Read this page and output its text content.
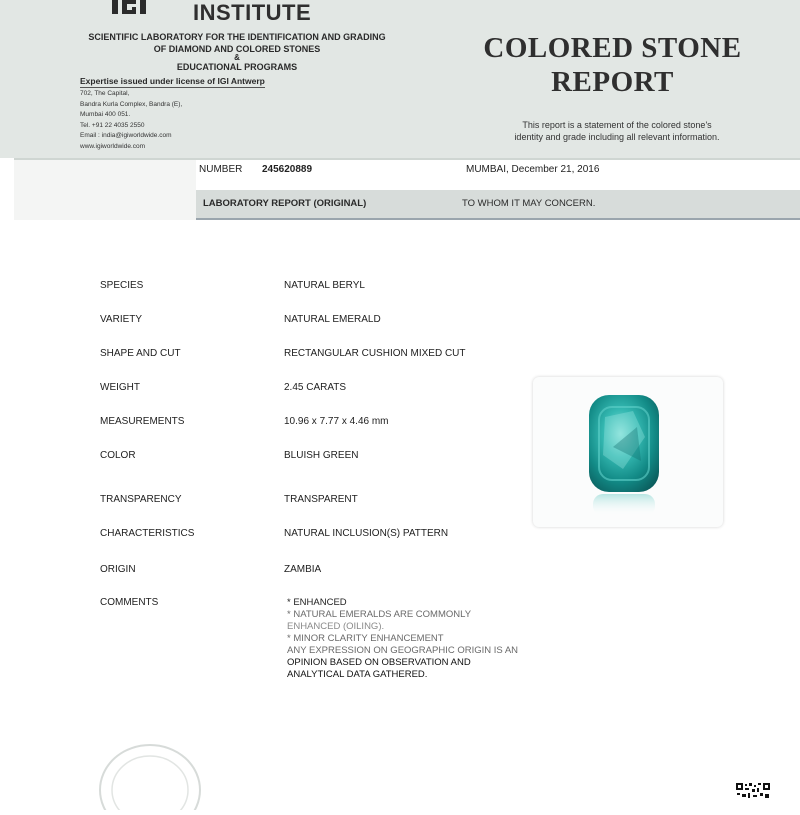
INSTITUTE
SCIENTIFIC LABORATORY FOR THE IDENTIFICATION AND GRADING
OF DIAMOND AND COLORED STONES
&
EDUCATIONAL PROGRAMS
Expertise issued under license of IGI Antwerp
702, The Capital,
Bandra Kurla Complex, Bandra (E),
Mumbai 400 051.
Tel. +91 22 4035 2550
Email : india@igiworldwide.com
www.igiworldwide.com
COLORED STONE
REPORT
This report is a statement of the colored stone's
identity and grade including all relevant information.
NUMBER 245620889	MUMBAI, December 21, 2016
LABORATORY REPORT (ORIGINAL)	TO WHOM IT MAY CONCERN.
SPECIES	NATURAL BERYL
VARIETY	NATURAL EMERALD
SHAPE AND CUT	RECTANGULAR CUSHION MIXED CUT
WEIGHT	2.45 CARATS
MEASUREMENTS	10.96 x 7.77 x 4.46 mm
COLOR	BLUISH GREEN
TRANSPARENCY	TRANSPARENT
CHARACTERISTICS	NATURAL INCLUSION(S) PATTERN
ORIGIN	ZAMBIA
COMMENTS	* ENHANCED
* NATURAL EMERALDS ARE COMMONLY
ENHANCED (OILING).
* MINOR CLARITY ENHANCEMENT
ANY EXPRESSION ON GEOGRAPHIC ORIGIN IS AN
OPINION BASED ON OBSERVATION AND
ANALYTICAL DATA GATHERED.
